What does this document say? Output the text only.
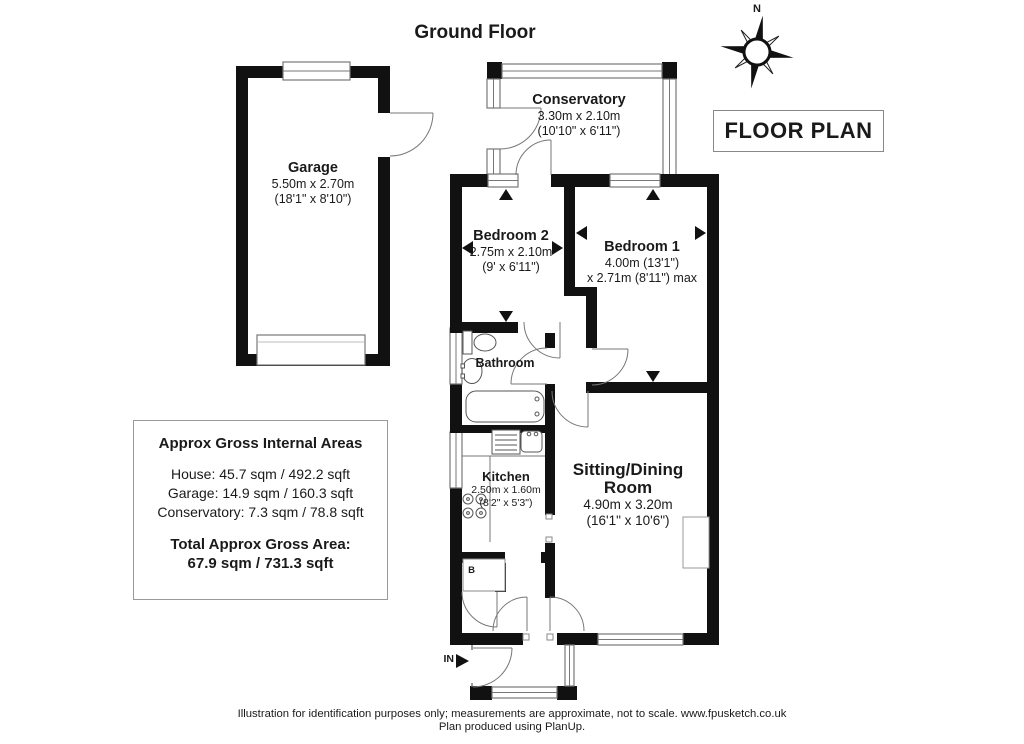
Ground Floor
FLOOR PLAN
N
Garage
5.50m x 2.70m
(18'1" x 8'10")
Conservatory
3.30m x 2.10m
(10'10" x 6'11")
Bedroom 2
2.75m x 2.10m
(9' x 6'11")
Bedroom 1
4.00m (13'1")
x 2.71m (8'11") max
Bathroom
Kitchen
2.50m x 1.60m
(8'2" x 5'3")
Sitting/Dining
Room
4.90m x 3.20m
(16'1" x 10'6")
IN
B
Approx Gross Internal Areas
House: 45.7 sqm / 492.2 sqft
Garage: 14.9 sqm / 160.3 sqft
Conservatory: 7.3 sqm / 78.8 sqft
Total Approx Gross Area:
67.9 sqm / 731.3 sqft
Illustration for identification purposes only; measurements are approximate, not to scale. www.fpusketch.co.uk
Plan produced using PlanUp.
